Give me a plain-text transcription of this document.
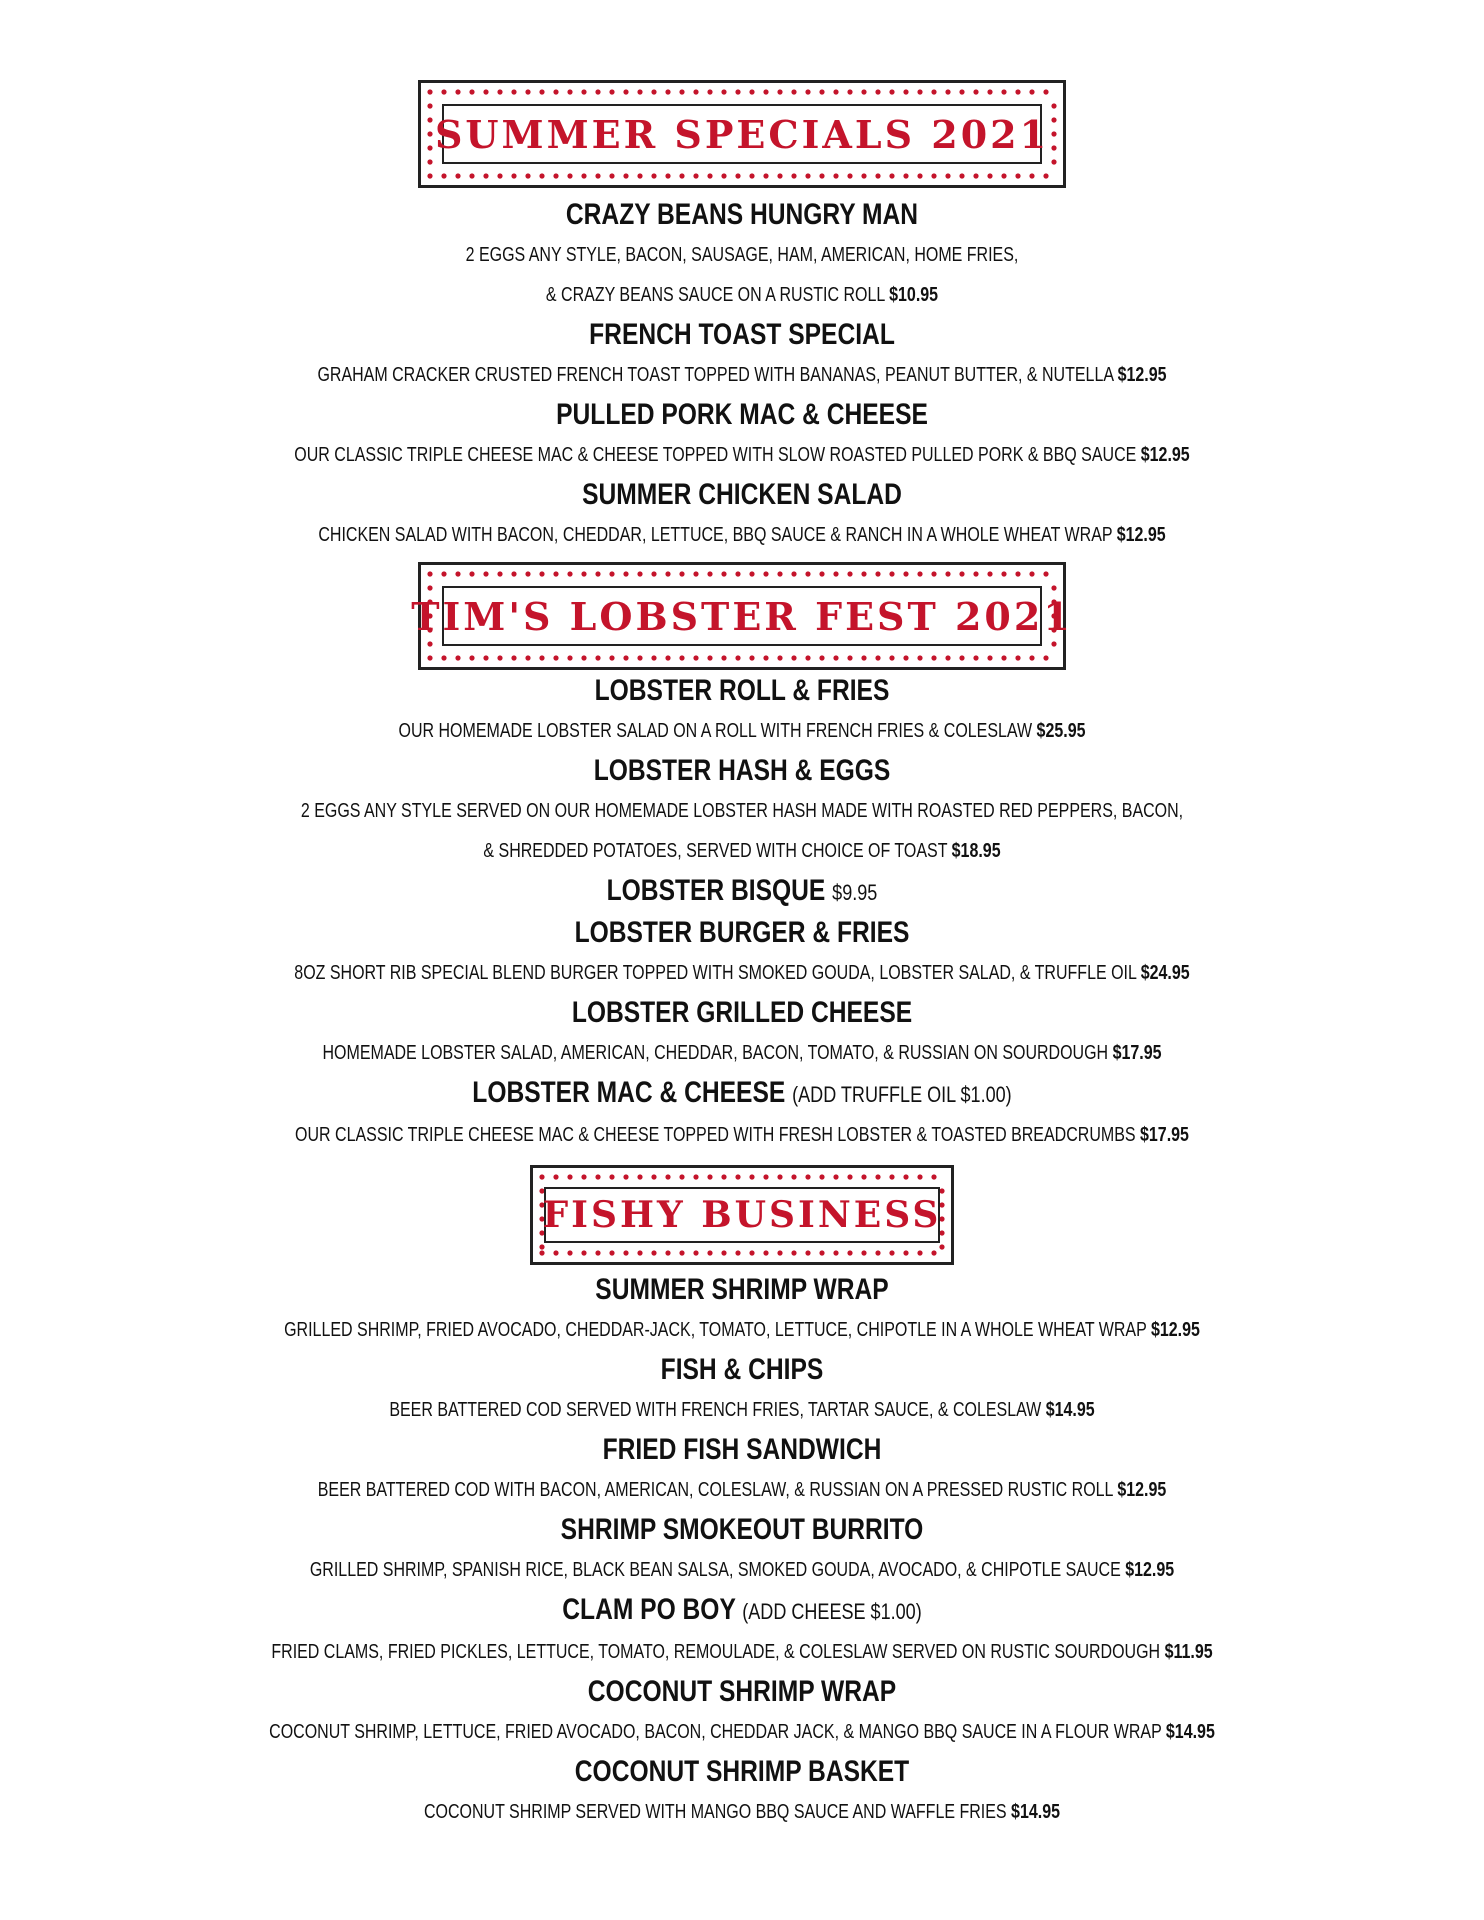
SUMMER SPECIALS 2021
CRAZY BEANS HUNGRY MAN
2 EGGS ANY STYLE, BACON, SAUSAGE, HAM, AMERICAN, HOME FRIES,
& CRAZY BEANS SAUCE ON A RUSTIC ROLL $10.95
FRENCH TOAST SPECIAL
GRAHAM CRACKER CRUSTED FRENCH TOAST TOPPED WITH BANANAS, PEANUT BUTTER, & NUTELLA $12.95
PULLED PORK MAC & CHEESE
OUR CLASSIC TRIPLE CHEESE MAC & CHEESE TOPPED WITH SLOW ROASTED PULLED PORK & BBQ SAUCE $12.95
SUMMER CHICKEN SALAD
CHICKEN SALAD WITH BACON, CHEDDAR, LETTUCE, BBQ SAUCE & RANCH IN A WHOLE WHEAT WRAP $12.95
TIM'S LOBSTER FEST 2021
LOBSTER ROLL & FRIES
OUR HOMEMADE LOBSTER SALAD ON A ROLL WITH FRENCH FRIES & COLESLAW $25.95
LOBSTER HASH & EGGS
2 EGGS ANY STYLE SERVED ON OUR HOMEMADE LOBSTER HASH MADE WITH ROASTED RED PEPPERS, BACON,
& SHREDDED POTATOES, SERVED WITH CHOICE OF TOAST $18.95
LOBSTER BISQUE $9.95
LOBSTER BURGER & FRIES
8OZ SHORT RIB SPECIAL BLEND BURGER TOPPED WITH SMOKED GOUDA, LOBSTER SALAD, & TRUFFLE OIL $24.95
LOBSTER GRILLED CHEESE
HOMEMADE LOBSTER SALAD, AMERICAN, CHEDDAR, BACON, TOMATO, & RUSSIAN ON SOURDOUGH $17.95
LOBSTER MAC & CHEESE (ADD TRUFFLE OIL $1.00)
OUR CLASSIC TRIPLE CHEESE MAC & CHEESE TOPPED WITH FRESH LOBSTER & TOASTED BREADCRUMBS $17.95
FISHY BUSINESS
SUMMER SHRIMP WRAP
GRILLED SHRIMP, FRIED AVOCADO, CHEDDAR-JACK, TOMATO, LETTUCE, CHIPOTLE IN A WHOLE WHEAT WRAP $12.95
FISH & CHIPS
BEER BATTERED COD SERVED WITH FRENCH FRIES, TARTAR SAUCE, & COLESLAW $14.95
FRIED FISH SANDWICH
BEER BATTERED COD WITH BACON, AMERICAN, COLESLAW, & RUSSIAN ON A PRESSED RUSTIC ROLL $12.95
SHRIMP SMOKEOUT BURRITO
GRILLED SHRIMP, SPANISH RICE, BLACK BEAN SALSA, SMOKED GOUDA, AVOCADO, & CHIPOTLE SAUCE $12.95
CLAM PO BOY (ADD CHEESE $1.00)
FRIED CLAMS, FRIED PICKLES, LETTUCE, TOMATO, REMOULADE, & COLESLAW SERVED ON RUSTIC SOURDOUGH $11.95
COCONUT SHRIMP WRAP
COCONUT SHRIMP, LETTUCE, FRIED AVOCADO, BACON, CHEDDAR JACK, & MANGO BBQ SAUCE IN A FLOUR WRAP $14.95
COCONUT SHRIMP BASKET
COCONUT SHRIMP SERVED WITH MANGO BBQ SAUCE AND WAFFLE FRIES $14.95
